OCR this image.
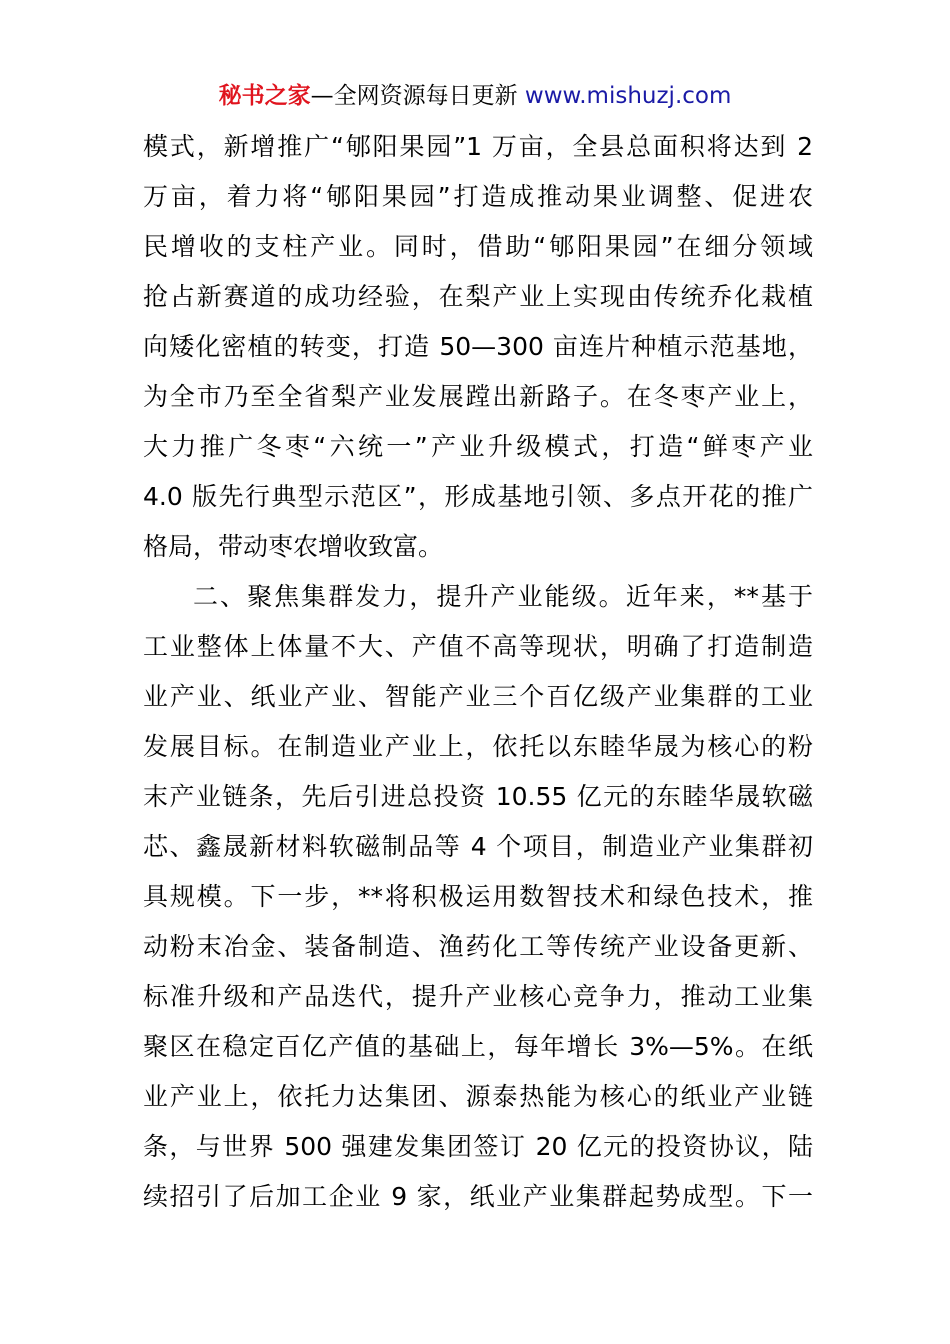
秘书之家—全网资源每日更新 www.mishuzj.com
模式，新增推广“郇阳果园”1 万亩，全县总面积将达到 2
万亩，着力将“郇阳果园”打造成推动果业调整、促进农
民增收的支柱产业。同时，借助“郇阳果园”在细分领域
抢占新赛道的成功经验，在梨产业上实现由传统乔化栽植
向矮化密植的转变，打造 50—300 亩连片种植示范基地，
为全市乃至全省梨产业发展蹚出新路子。在冬枣产业上，
大力推广冬枣“六统一”产业升级模式，打造“鲜枣产业
4.0 版先行典型示范区”，形成基地引领、多点开花的推广
格局，带动枣农增收致富。
二、聚焦集群发力，提升产业能级。近年来，**基于
工业整体上体量不大、产值不高等现状，明确了打造制造
业产业、纸业产业、智能产业三个百亿级产业集群的工业
发展目标。在制造业产业上，依托以东睦华晟为核心的粉
末产业链条，先后引进总投资 10.55 亿元的东睦华晟软磁
芯、鑫晟新材料软磁制品等 4 个项目，制造业产业集群初
具规模。下一步，**将积极运用数智技术和绿色技术，推
动粉末冶金、装备制造、渔药化工等传统产业设备更新、
标准升级和产品迭代，提升产业核心竞争力，推动工业集
聚区在稳定百亿产值的基础上，每年增长 3%—5%。在纸
业产业上，依托力达集团、源泰热能为核心的纸业产业链
条，与世界 500 强建发集团签订 20 亿元的投资协议，陆
续招引了后加工企业 9 家，纸业产业集群起势成型。下一
